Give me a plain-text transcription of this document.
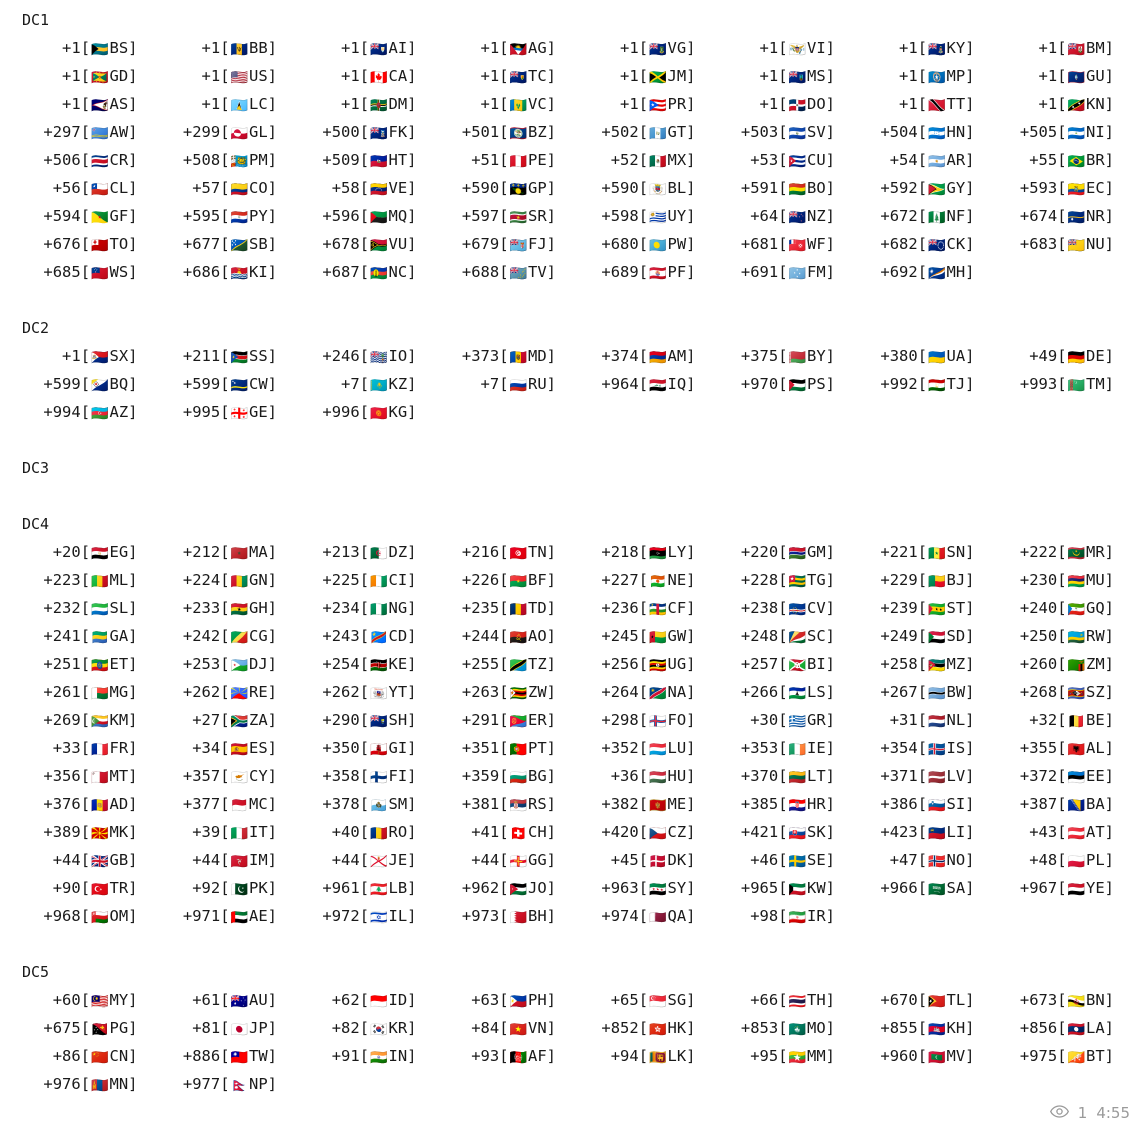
DC1
+1[🇧🇸BS]	+1[🇧🇧BB]	+1[🇦🇮AI]	+1[🇦🇬AG]	+1[🇻🇬VG]	+1[🇻🇮VI]	+1[🇰🇾KY]	+1[🇧🇲BM]
+1[🇬🇩GD]	+1[🇺🇸US]	+1[🇨🇦CA]	+1[🇹🇨TC]	+1[🇯🇲JM]	+1[🇲🇸MS]	+1[🇲🇵MP]	+1[🇬🇺GU]
+1[🇦🇸AS]	+1[🇱🇨LC]	+1[🇩🇲DM]	+1[🇻🇨VC]	+1[🇵🇷PR]	+1[🇩🇴DO]	+1[🇹🇹TT]	+1[🇰🇳KN]
+297[🇦🇼AW]	+299[🇬🇱GL]	+500[🇫🇰FK]	+501[🇧🇿BZ]	+502[🇬🇹GT]	+503[🇸🇻SV]	+504[🇭🇳HN]	+505[🇳🇮NI]
+506[🇨🇷CR]	+508[🇵🇲PM]	+509[🇭🇹HT]	+51[🇵🇪PE]	+52[🇲🇽MX]	+53[🇨🇺CU]	+54[🇦🇷AR]	+55[🇧🇷BR]
+56[🇨🇱CL]	+57[🇨🇴CO]	+58[🇻🇪VE]	+590[🇬🇵GP]	+590[🇧🇱BL]	+591[🇧🇴BO]	+592[🇬🇾GY]	+593[🇪🇨EC]
+594[🇬🇫GF]	+595[🇵🇾PY]	+596[🇲🇶MQ]	+597[🇸🇷SR]	+598[🇺🇾UY]	+64[🇳🇿NZ]	+672[🇳🇫NF]	+674[🇳🇷NR]
+676[🇹🇴TO]	+677[🇸🇧SB]	+678[🇻🇺VU]	+679[🇫🇯FJ]	+680[🇵🇼PW]	+681[🇼🇫WF]	+682[🇨🇰CK]	+683[🇳🇺NU]
+685[🇼🇸WS]	+686[🇰🇮KI]	+687[🇳🇨NC]	+688[🇹🇻TV]	+689[🇵🇫PF]	+691[🇫🇲FM]	+692[🇲🇭MH]
DC2
+1[🇸🇽SX]	+211[🇸🇸SS]	+246[🇮🇴IO]	+373[🇲🇩MD]	+374[🇦🇲AM]	+375[🇧🇾BY]	+380[🇺🇦UA]	+49[🇩🇪DE]
+599[🇧🇶BQ]	+599[🇨🇼CW]	+7[🇰🇿KZ]	+7[🇷🇺RU]	+964[🇮🇶IQ]	+970[🇵🇸PS]	+992[🇹🇯TJ]	+993[🇹🇲TM]
+994[🇦🇿AZ]	+995[🇬🇪GE]	+996[🇰🇬KG]
DC3
DC4
+20[🇪🇬EG]	+212[🇲🇦MA]	+213[🇩🇿DZ]	+216[🇹🇳TN]	+218[🇱🇾LY]	+220[🇬🇲GM]	+221[🇸🇳SN]	+222[🇲🇷MR]
+223[🇲🇱ML]	+224[🇬🇳GN]	+225[🇨🇮CI]	+226[🇧🇫BF]	+227[🇳🇪NE]	+228[🇹🇬TG]	+229[🇧🇯BJ]	+230[🇲🇺MU]
+232[🇸🇱SL]	+233[🇬🇭GH]	+234[🇳🇬NG]	+235[🇹🇩TD]	+236[🇨🇫CF]	+238[🇨🇻CV]	+239[🇸🇹ST]	+240[🇬🇶GQ]
+241[🇬🇦GA]	+242[🇨🇬CG]	+243[🇨🇩CD]	+244[🇦🇴AO]	+245[🇬🇼GW]	+248[🇸🇨SC]	+249[🇸🇩SD]	+250[🇷🇼RW]
+251[🇪🇹ET]	+253[🇩🇯DJ]	+254[🇰🇪KE]	+255[🇹🇿TZ]	+256[🇺🇬UG]	+257[🇧🇮BI]	+258[🇲🇿MZ]	+260[🇿🇲ZM]
+261[🇲🇬MG]	+262[🇷🇪RE]	+262[🇾🇹YT]	+263[🇿🇼ZW]	+264[🇳🇦NA]	+266[🇱🇸LS]	+267[🇧🇼BW]	+268[🇸🇿SZ]
+269[🇰🇲KM]	+27[🇿🇦ZA]	+290[🇸🇭SH]	+291[🇪🇷ER]	+298[🇫🇴FO]	+30[🇬🇷GR]	+31[🇳🇱NL]	+32[🇧🇪BE]
+33[🇫🇷FR]	+34[🇪🇸ES]	+350[🇬🇮GI]	+351[🇵🇹PT]	+352[🇱🇺LU]	+353[🇮🇪IE]	+354[🇮🇸IS]	+355[🇦🇱AL]
+356[🇲🇹MT]	+357[🇨🇾CY]	+358[🇫🇮FI]	+359[🇧🇬BG]	+36[🇭🇺HU]	+370[🇱🇹LT]	+371[🇱🇻LV]	+372[🇪🇪EE]
+376[🇦🇩AD]	+377[🇲🇨MC]	+378[🇸🇲SM]	+381[🇷🇸RS]	+382[🇲🇪ME]	+385[🇭🇷HR]	+386[🇸🇮SI]	+387[🇧🇦BA]
+389[🇲🇰MK]	+39[🇮🇹IT]	+40[🇷🇴RO]	+41[🇨🇭CH]	+420[🇨🇿CZ]	+421[🇸🇰SK]	+423[🇱🇮LI]	+43[🇦🇹AT]
+44[🇬🇧GB]	+44[🇮🇲IM]	+44[🇯🇪JE]	+44[🇬🇬GG]	+45[🇩🇰DK]	+46[🇸🇪SE]	+47[🇳🇴NO]	+48[🇵🇱PL]
+90[🇹🇷TR]	+92[🇵🇰PK]	+961[🇱🇧LB]	+962[🇯🇴JO]	+963[🇸🇾SY]	+965[🇰🇼KW]	+966[🇸🇦SA]	+967[🇾🇪YE]
+968[🇴🇲OM]	+971[🇦🇪AE]	+972[🇮🇱IL]	+973[🇧🇭BH]	+974[🇶🇦QA]	+98[🇮🇷IR]
DC5
+60[🇲🇾MY]	+61[🇦🇺AU]	+62[🇮🇩ID]	+63[🇵🇭PH]	+65[🇸🇬SG]	+66[🇹🇭TH]	+670[🇹🇱TL]	+673[🇧🇳BN]
+675[🇵🇬PG]	+81[🇯🇵JP]	+82[🇰🇷KR]	+84[🇻🇳VN]	+852[🇭🇰HK]	+853[🇲🇴MO]	+855[🇰🇭KH]	+856[🇱🇦LA]
+86[🇨🇳CN]	+886[🇹🇼TW]	+91[🇮🇳IN]	+93[🇦🇫AF]	+94[🇱🇰LK]	+95[🇲🇲MM]	+960[🇲🇻MV]	+975[🇧🇹BT]
+976[🇲🇳MN]	+977[🇳🇵NP]
1 4:55
